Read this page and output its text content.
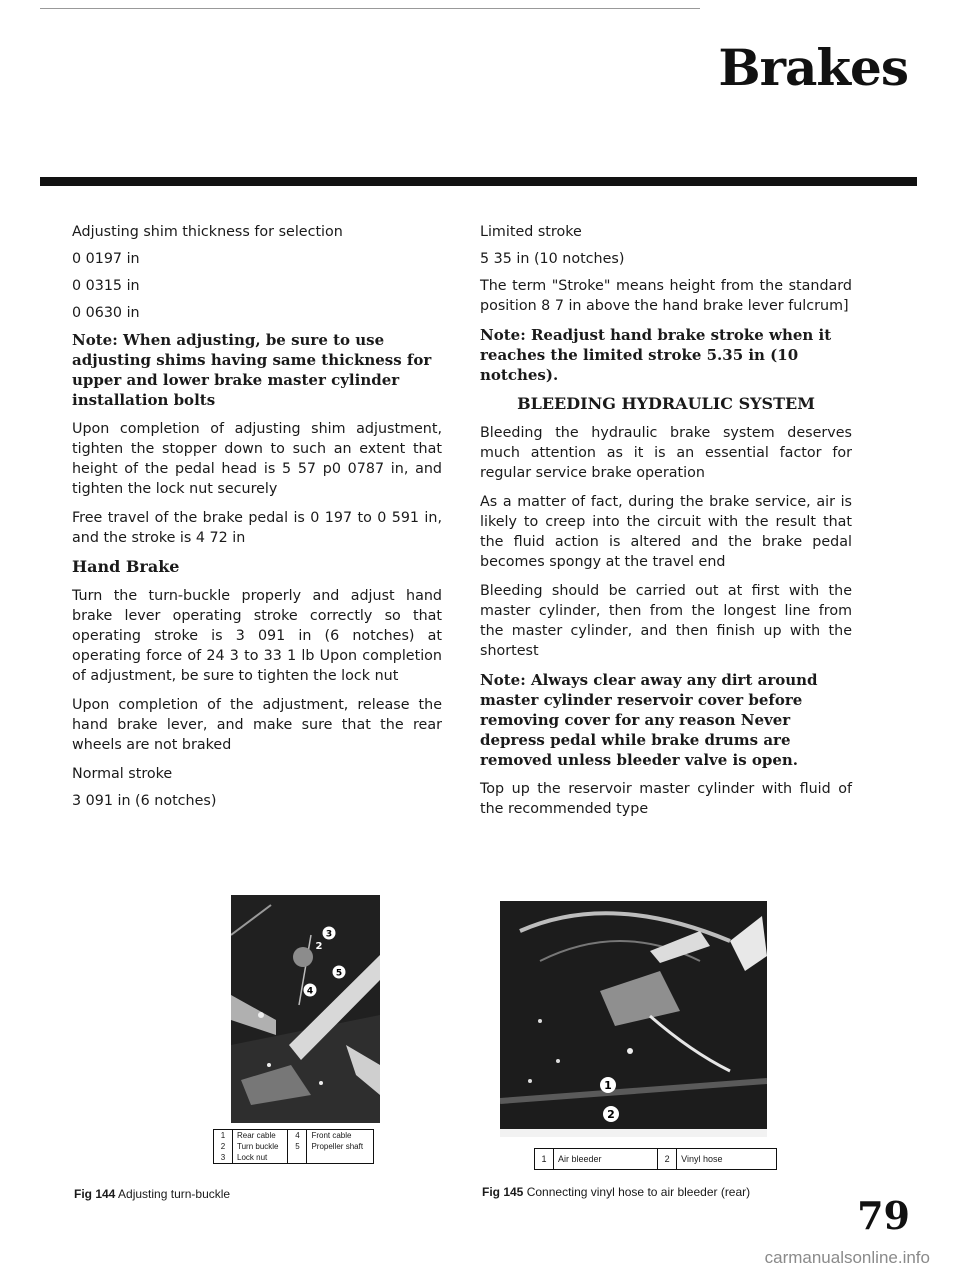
Brakes

Adjusting shim thickness for selection

0 0197 in

0 0315 in

0 0630 in

Note: When adjusting, be sure to use adjusting shims having same thickness for upper and lower brake master cylinder installation bolts

Upon completion of adjusting shim adjustment, tighten the stopper down to such an extent that height of the pedal head is 5 57 p0 0787 in, and tighten the lock nut securely

Free travel of the brake pedal is 0 197 to 0 591 in, and the stroke is 4 72 in

Hand Brake

Turn the turn-buckle properly and adjust hand brake lever operating stroke correctly so that operating stroke is 3 091 in (6 notches) at operating force of 24 3 to 33 1 lb Upon completion of adjustment, be sure to tighten the lock nut

Upon completion of the adjustment, release the hand brake lever, and make sure that the rear wheels are not braked

Normal stroke

3 091 in (6 notches)

Limited stroke

5 35 in (10 notches)

The term "Stroke" means height from the standard position 8 7 in above the hand brake lever fulcrum]

Note: Readjust hand brake stroke when it reaches the limited stroke 5.35 in (10 notches).

BLEEDING HYDRAULIC SYSTEM

Bleeding the hydraulic brake system deserves much attention as it is an essential factor for regular service brake operation

As a matter of fact, during the brake service, air is likely to creep into the circuit with the result that the fluid action is altered and the brake pedal becomes spongy at the travel end

Bleeding should be carried out at first with the master cylinder, then from the longest line from the master cylinder, and then finish up with the shortest

Note: Always clear away any dirt around master cylinder reservoir cover before removing cover for any reason Never depress pedal while brake drums are removed unless bleeder valve is open.

Top up the reservoir master cylinder with fluid of the recommended type

3
2
5
4
1	Rear cable	4	Front cable
2	Turn buckle	5	Propeller shaft
3	Lock nut		
Fig 144 Adjusting turn-buckle
1
2
1	Air bleeder	2	Vinyl hose
Fig 145 Connecting vinyl hose to air bleeder (rear)

79

carmanualsonline.info
